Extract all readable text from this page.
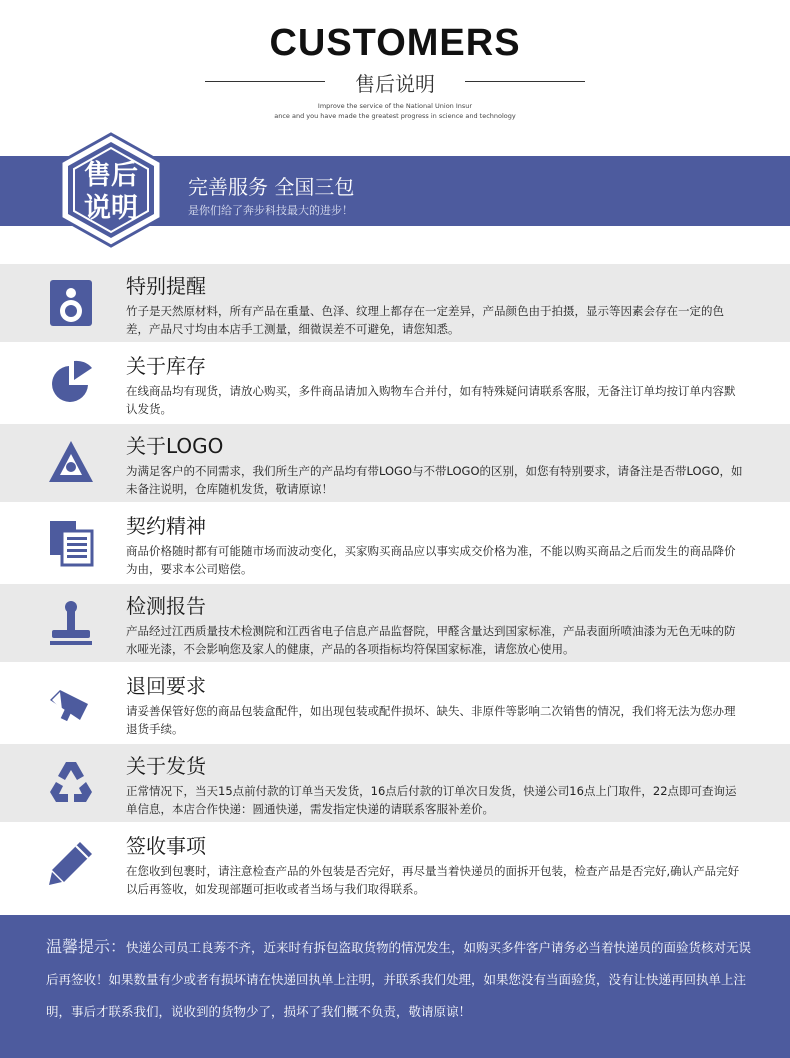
CUSTOMERS
售后说明
Improve the service of the National Union Insur
ance and you have made the greatest progress in science and technology
售后
说明
完善服务 全国三包
是你们给了奔步科技最大的进步！
特别提醒
竹子是天然原材料，所有产品在重量、色泽、纹理上都存在一定差异，产品颜色由于拍摄，显示等因素会存在一定的色差，产品尺寸均由本店手工测量，细微误差不可避免，请您知悉。
关于库存
在线商品均有现货，请放心购买，多件商品请加入购物车合并付，如有特殊疑问请联系客服，无备注订单均按订单内容默认发货。
关于LOGO
为满足客户的不同需求，我们所生产的产品均有带LOGO与不带LOGO的区别，如您有特别要求，请备注是否带LOGO，如未备注说明，仓库随机发货，敬请原谅！
契约精神
商品价格随时都有可能随市场而波动变化，买家购买商品应以事实成交价格为准，不能以购买商品之后而发生的商品降价为由，要求本公司赔偿。
检测报告
产品经过江西质量技术检测院和江西省电子信息产品监督院，甲醛含量达到国家标准，产品表面所喷油漆为无色无味的防水哑光漆，不会影响您及家人的健康，产品的各项指标均符保国家标准，请您放心使用。
退回要求
请妥善保管好您的商品包装盒配件，如出现包装或配件损坏、缺失、非原件等影响二次销售的情况，我们将无法为您办理退货手续。
关于发货
正常情况下，当天15点前付款的订单当天发货，16点后付款的订单次日发货，快递公司16点上门取件，22点即可查询运单信息，本店合作快递：圆通快递，需发指定快递的请联系客服补差价。
签收事项
在您收到包裹时，请注意检查产品的外包装是否完好，再尽量当着快递员的面拆开包装，检查产品是否完好,确认产品完好以后再签收，如发现部题可拒收或者当场与我们取得联系。
温馨提示：快递公司员工良莠不齐，近来时有拆包盗取货物的情况发生，如购买多件客户请务必当着快递员的面验货核对无误后再签收！如果数量有少或者有损坏请在快递回执单上注明，并联系我们处理，如果您没有当面验货，没有让快递再回执单上注明，事后才联系我们，说收到的货物少了，损坏了我们概不负责，敬请原谅！
